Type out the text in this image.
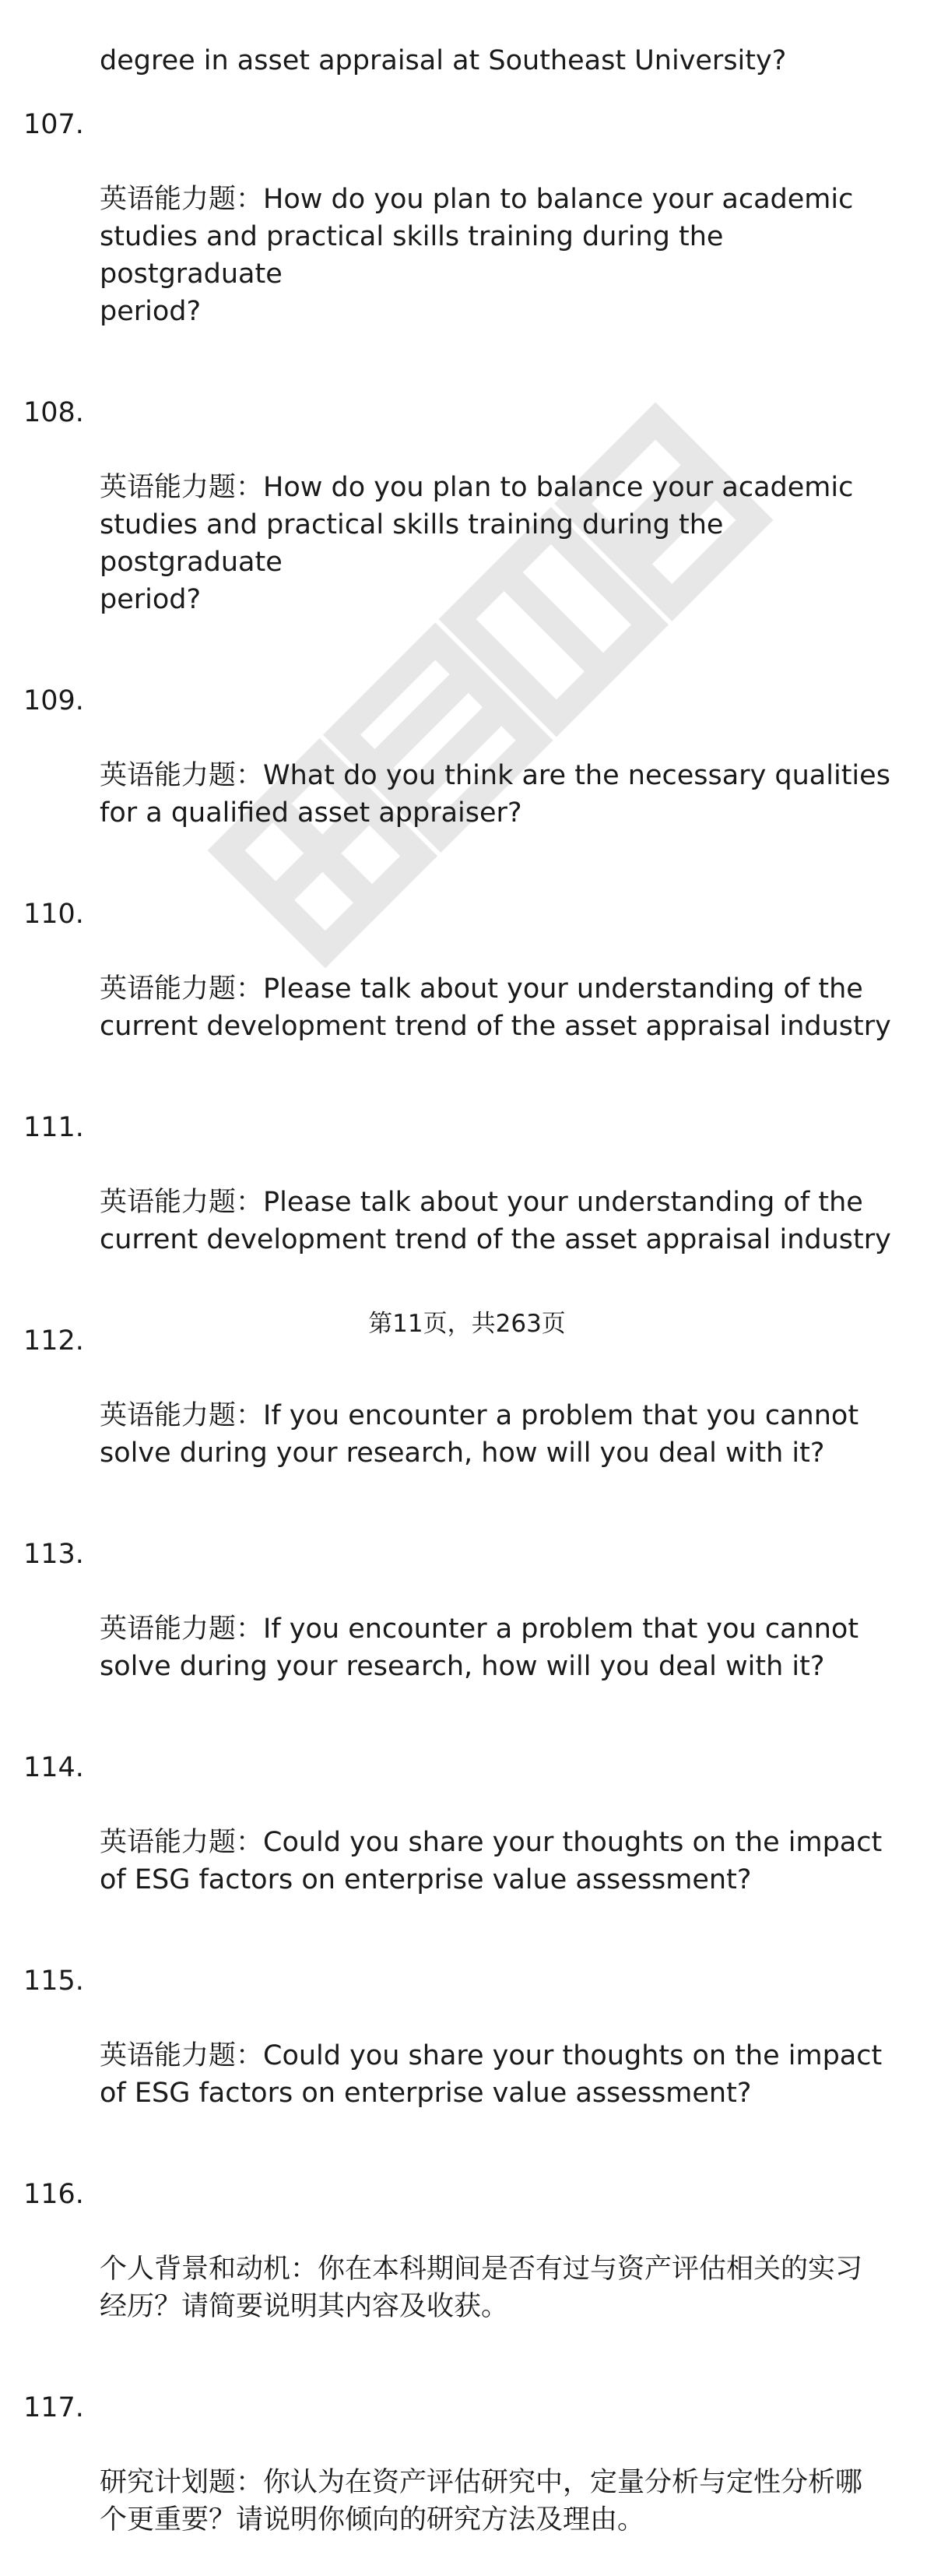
degree in asset appraisal at Southeast University?

107.

英语能力题：How do you plan to balance your academic
studies and practical skills training during the postgraduate
period?

108.

英语能力题：How do you plan to balance your academic
studies and practical skills training during the postgraduate
period?

109.

英语能力题：What do you think are the necessary qualities
for a qualified asset appraiser?

110.

英语能力题：Please talk about your understanding of the
current development trend of the asset appraisal industry

111.

英语能力题：Please talk about your understanding of the
current development trend of the asset appraisal industry

112.

英语能力题：If you encounter a problem that you cannot
solve during your research, how will you deal with it?

113.

英语能力题：If you encounter a problem that you cannot
solve during your research, how will you deal with it?

114.

英语能力题：Could you share your thoughts on the impact
of ESG factors on enterprise value assessment?

115.

英语能力题：Could you share your thoughts on the impact
of ESG factors on enterprise value assessment?

116.

个人背景和动机：你在本科期间是否有过与资产评估相关的实习
经历？请简要说明其内容及收获。

117.

研究计划题：你认为在资产评估研究中，定量分析与定性分析哪
个更重要？请说明你倾向的研究方法及理由。

第11页，共263页
